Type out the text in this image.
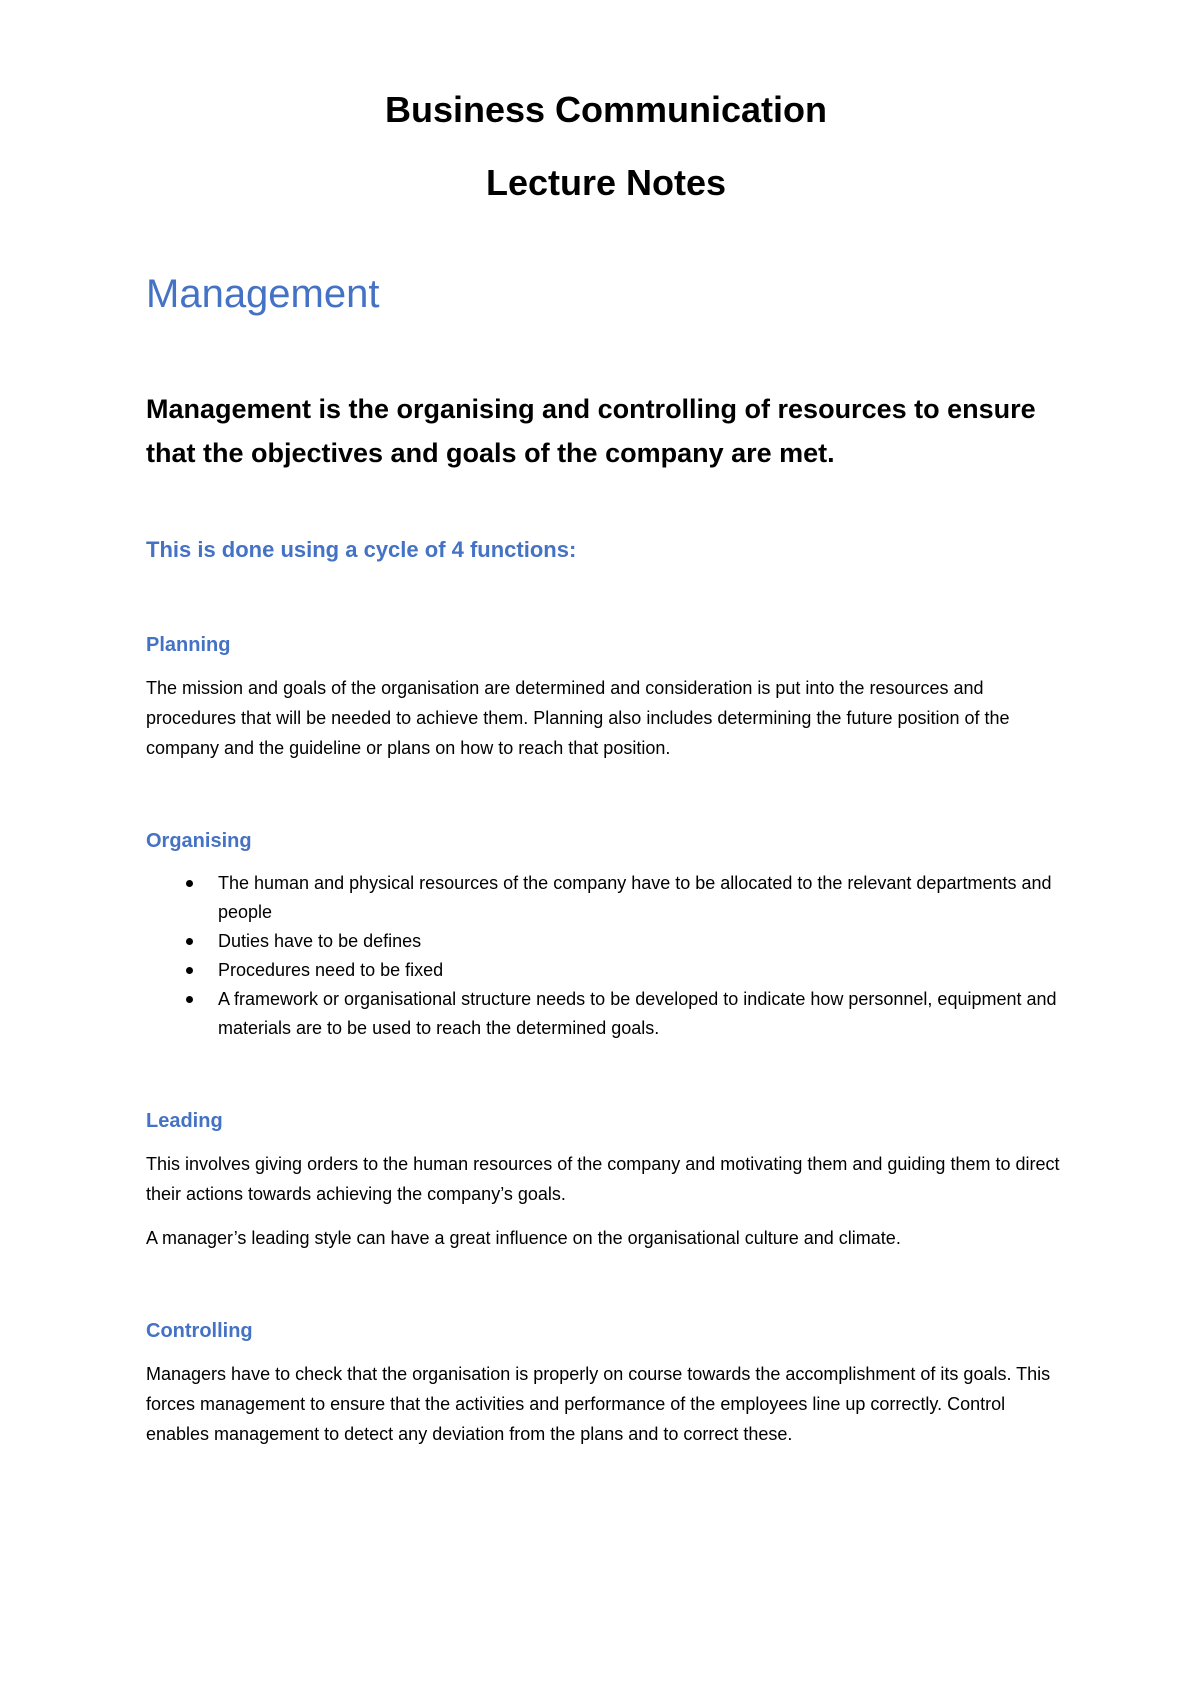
Business Communication
Lecture Notes
Management

Management is the organising and controlling of resources to ensure that the objectives and goals of the company are met.

This is done using a cycle of 4 functions:
Planning

The mission and goals of the organisation are determined and consideration is put into the resources and procedures that will be needed to achieve them. Planning also includes determining the future position of the company and the guideline or plans on how to reach that position.

Organising
The human and physical resources of the company have to be allocated to the relevant departments and people
Duties have to be defines
Procedures need to be fixed
A framework or organisational structure needs to be developed to indicate how personnel, equipment and materials are to be used to reach the determined goals.
Leading

This involves giving orders to the human resources of the company and motivating them and guiding them to direct their actions towards achieving the company’s goals.

A manager’s leading style can have a great influence on the organisational culture and climate.

Controlling

Managers have to check that the organisation is properly on course towards the accomplishment of its goals. This forces management to ensure that the activities and performance of the employees line up correctly. Control enables management to detect any deviation from the plans and to correct these.
